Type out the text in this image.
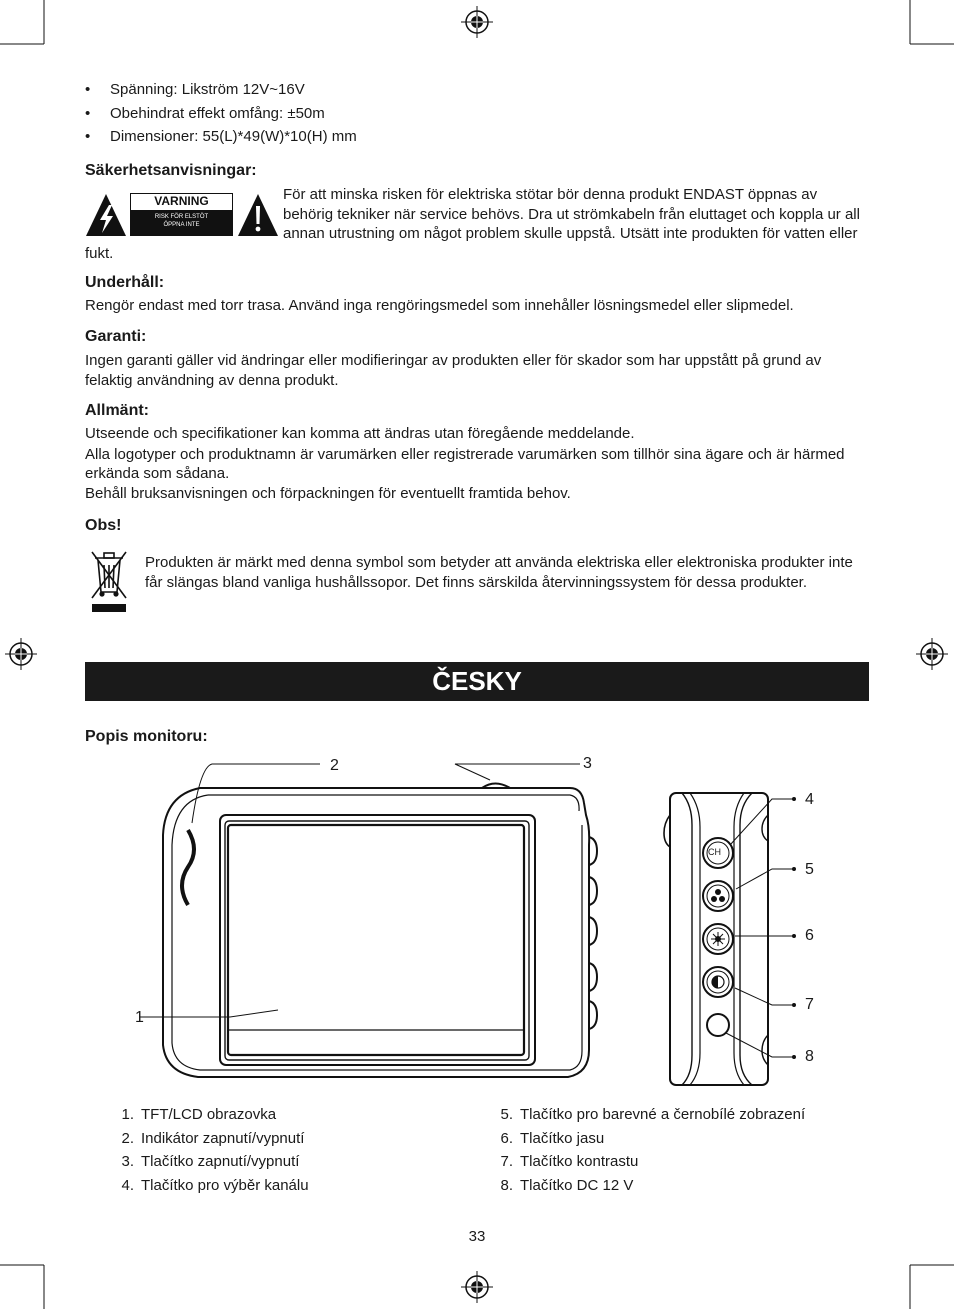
• Spänning: Likström 12V~16V
• Obehindrat effekt omfång: ±50m
• Dimensioner: 55(L)*49(W)*10(H) mm
Säkerhetsanvisningar:
VARNING
RISK FÖR ELSTÖT
ÖPPNA INTE

För att minska risken för elektriska stötar bör denna produkt ENDAST öppnas av behörig tekniker när service behövs. Dra ut strömkabeln från eluttaget och koppla ur all annan utrustning om något problem skulle uppstå. Utsätt inte produkten för vatten eller fukt.

Underhåll:

Rengör endast med torr trasa. Använd inga rengöringsmedel som innehåller lösningsmedel eller slipmedel.

Garanti:

Ingen garanti gäller vid ändringar eller modifieringar av produkten eller för skador som har uppstått på grund av felaktig användning av denna produkt.

Allmänt:

Utseende och specifikationer kan komma att ändras utan föregående meddelande.

Alla logotyper och produktnamn är varumärken eller registrerade varumärken som tillhör sina ägare och är härmed erkända som sådana.

Behåll bruksanvisningen och förpackningen för eventuellt framtida behov.

Obs!

Produkten är märkt med denna symbol som betyder att använda elektriska eller elektroniska produkter inte får slängas bland vanliga hushållssopor. Det finns särskilda återvinningssystem för dessa produkter.

ČESKY
Popis monitoru:
2	3
1
CH
4
5
6
7
8
1. TFT/LCD obrazovka
2. Indikátor zapnutí/vypnutí
3. Tlačítko zapnutí/vypnutí
4. Tlačítko pro výběr kanálu
5. Tlačítko pro barevné a černobílé zobrazení
6. Tlačítko jasu
7. Tlačítko kontrastu
8. Tlačítko DC 12 V
33
